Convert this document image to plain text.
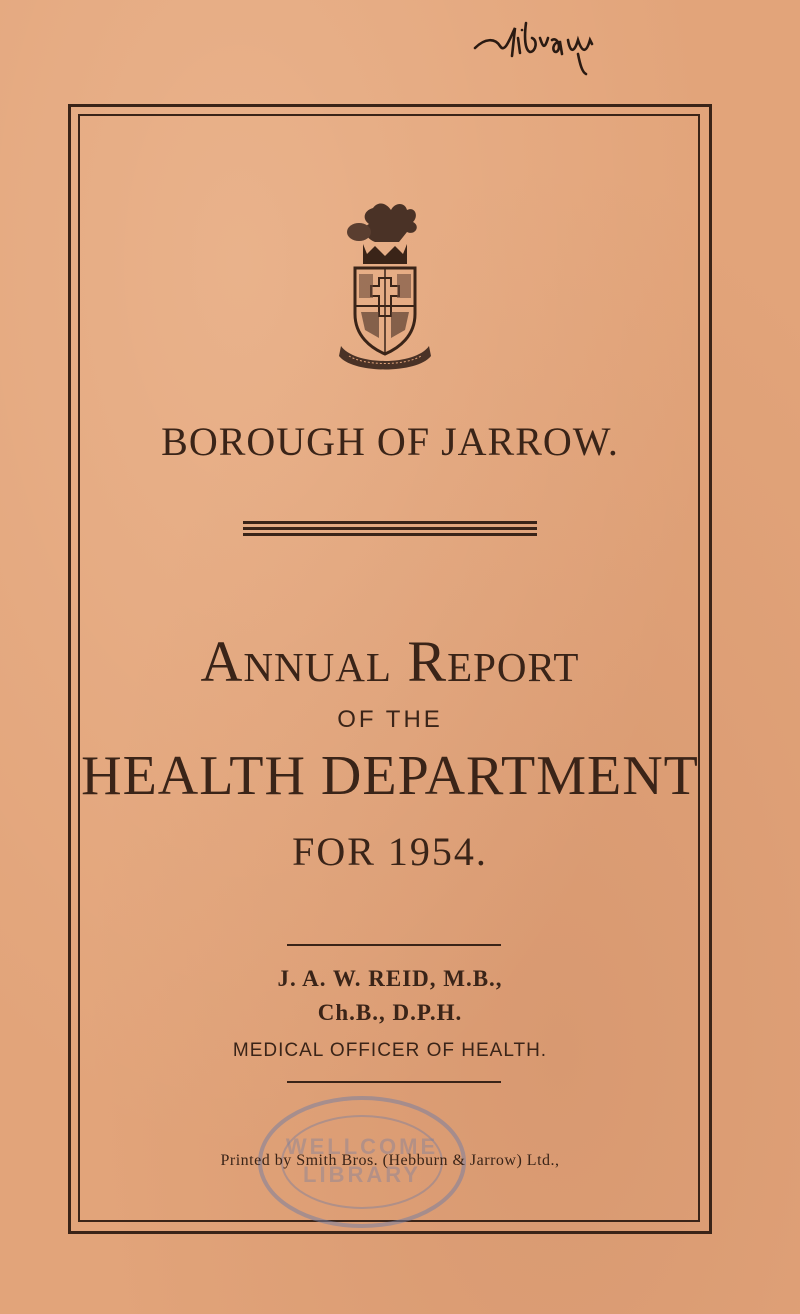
BOROUGH OF JARROW.
Annual Report
OF THE
HEALTH DEPARTMENT
FOR 1954.
J. A. W. REID, M.B.,
Ch.B., D.P.H.
MEDICAL OFFICER OF HEALTH.
WELLCOME
LIBRARY
Printed by Smith Bros. (Hebburn & Jarrow) Ltd.,
